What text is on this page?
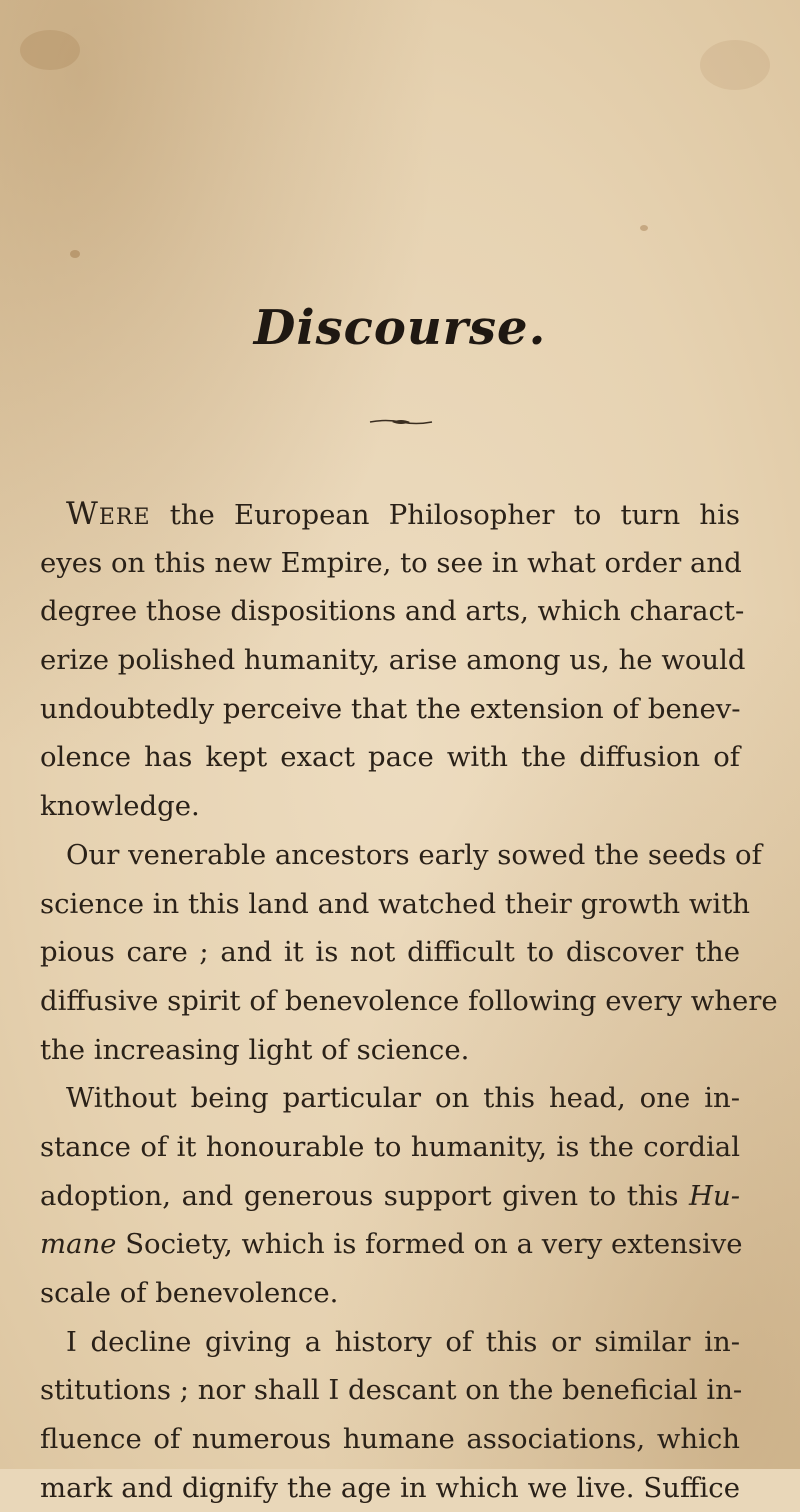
Discourse.
Were the European Philosopher to turn his
eyes on this new Empire, to see in what order and
degree those dispositions and arts, which charact-
erize polished humanity, arise among us, he would
undoubtedly perceive that the extension of benev-
olence has kept exact pace with the diffusion of
knowledge.
Our venerable ancestors early sowed the seeds of
science in this land and watched their growth with
pious care ; and it is not difficult to discover the
diffusive spirit of benevolence following every where
the increasing light of science.
Without being particular on this head, one in-
stance of it honourable to humanity, is the cordial
adoption, and generous support given to this Hu-
mane Society, which is formed on a very extensive
scale of benevolence.
I decline giving a history of this or similar in-
stitutions ; nor shall I descant on the beneficial in-
fluence of numerous humane associations, which
mark and dignify the age in which we live. Suffice
